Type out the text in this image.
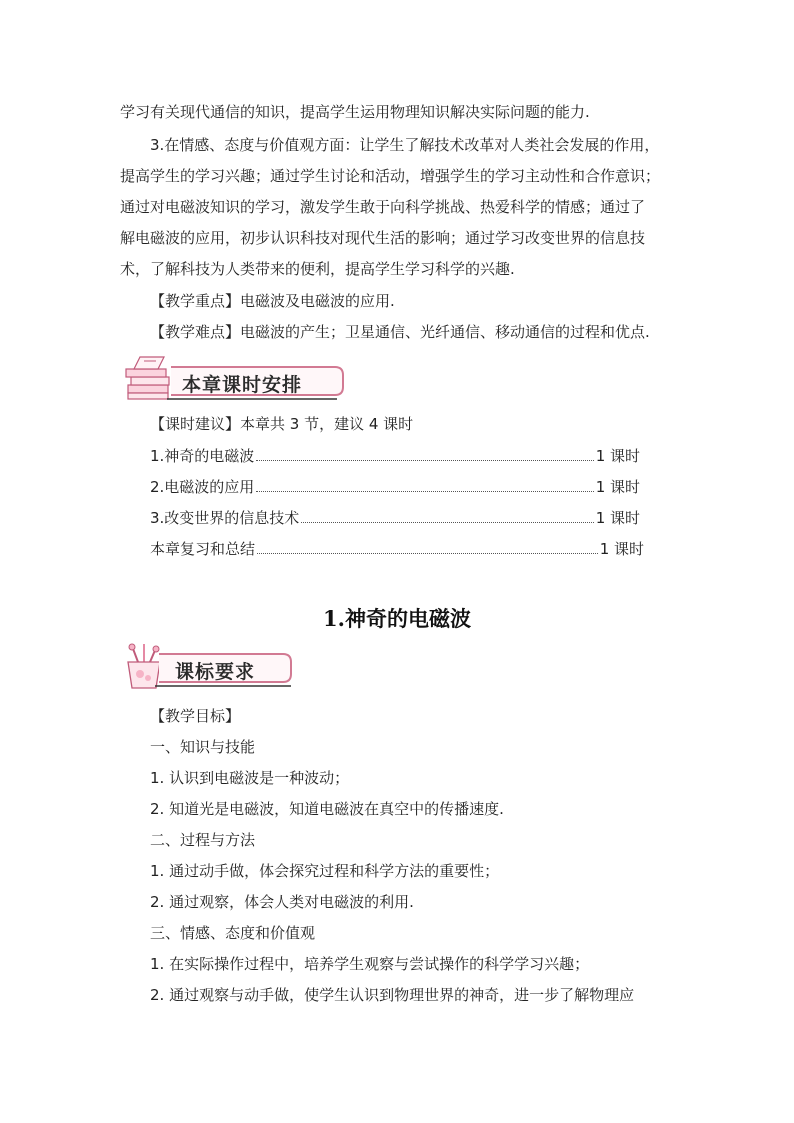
学习有关现代通信的知识，提高学生运用物理知识解决实际问题的能力.
3.在情感、态度与价值观方面：让学生了解技术改革对人类社会发展的作用，
提高学生的学习兴趣；通过学生讨论和活动，增强学生的学习主动性和合作意识；
通过对电磁波知识的学习，激发学生敢于向科学挑战、热爱科学的情感；通过了
解电磁波的应用，初步认识科技对现代生活的影响；通过学习改变世界的信息技
术，了解科技为人类带来的便利，提高学生学习科学的兴趣.
【教学重点】电磁波及电磁波的应用.
【教学难点】电磁波的产生；卫星通信、光纤通信、移动通信的过程和优点.
本章课时安排
【课时建议】本章共 3 节，建议 4 课时
1.神奇的电磁波	1 课时
2.电磁波的应用	1 课时
3.改变世界的信息技术	1 课时
本章复习和总结	1 课时
1.神奇的电磁波
课标要求
【教学目标】
一、知识与技能
1. 认识到电磁波是一种波动；
2. 知道光是电磁波，知道电磁波在真空中的传播速度.
二、过程与方法
1. 通过动手做，体会探究过程和科学方法的重要性；
2. 通过观察，体会人类对电磁波的利用.
三、情感、态度和价值观
1. 在实际操作过程中，培养学生观察与尝试操作的科学学习兴趣；
2. 通过观察与动手做，使学生认识到物理世界的神奇，进一步了解物理应
